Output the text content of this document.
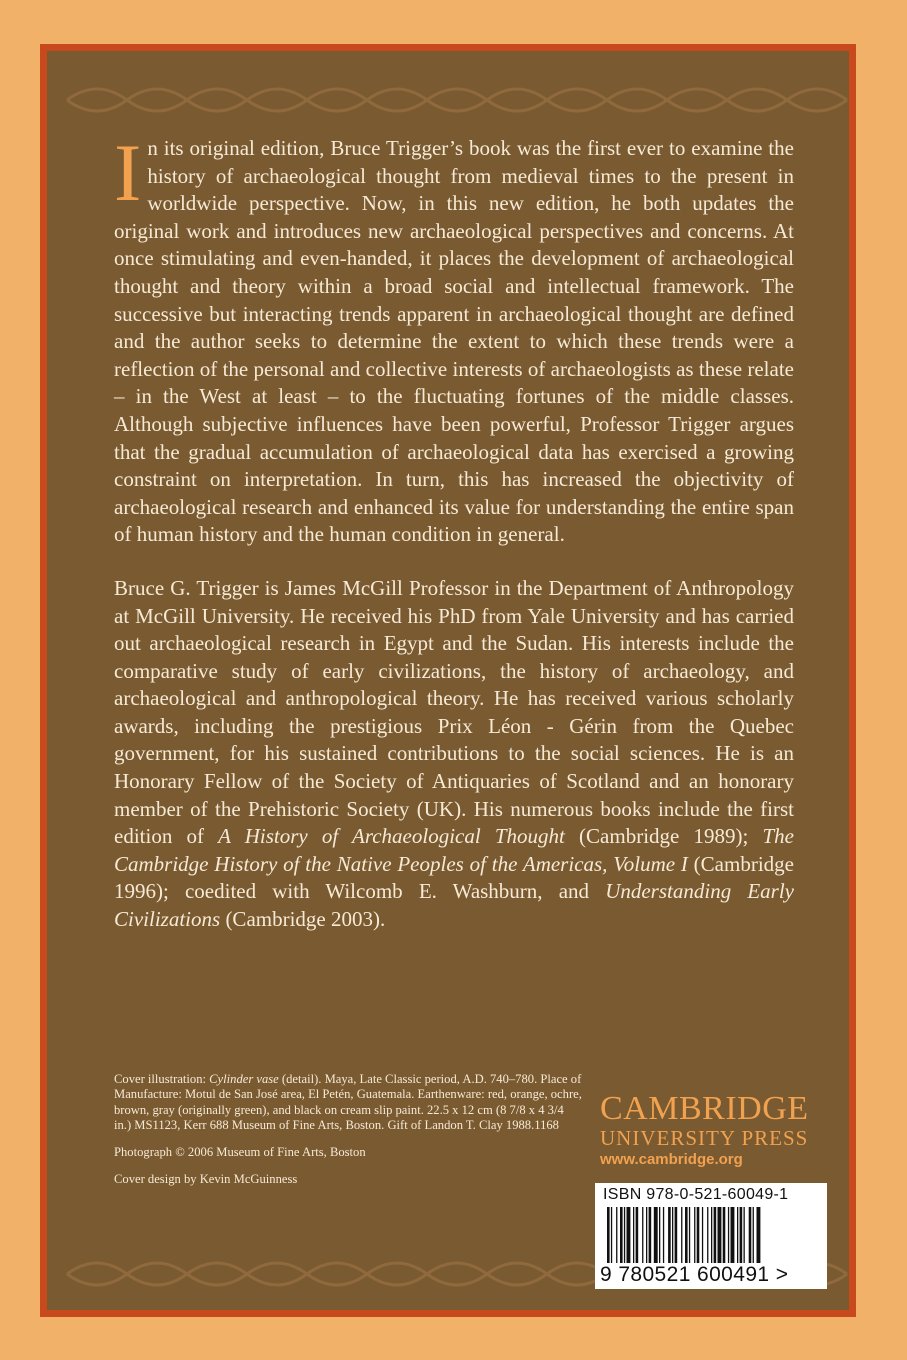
In its original edition, Bruce Trigger’s book was the first ever to examine the history of archaeological thought from medieval times to the present in worldwide perspective. Now, in this new edition, he both updates the original work and introduces new archaeological perspectives and concerns. At once stimulating and even-handed, it places the development of archaeological thought and theory within a broad social and intellectual framework. The successive but interacting trends apparent in archaeological thought are defined and the author seeks to determine the extent to which these trends were a reflection of the personal and collective interests of archaeologists as these relate – in the West at least – to the fluctuating fortunes of the middle classes. Although subjective influences have been powerful, Professor Trigger argues that the gradual accumulation of archaeological data has exercised a growing constraint on interpretation. In turn, this has increased the objectivity of archaeological research and enhanced its value for understanding the entire span of human history and the human condition in general.

Bruce G. Trigger is James McGill Professor in the Department of Anthropology at McGill University. He received his PhD from Yale University and has carried out archaeological research in Egypt and the Sudan. His interests include the comparative study of early civilizations, the history of archaeology, and archaeological and anthropological theory. He has received various scholarly awards, including the prestigious Prix Léon - Gérin from the Quebec government, for his sustained contributions to the social sciences. He is an Honorary Fellow of the Society of Antiquaries of Scotland and an honorary member of the Prehistoric Society (UK). His numerous books include the first edition of A History of Archaeological Thought (Cambridge 1989); The Cambridge History of the Native Peoples of the Americas, Volume I (Cambridge 1996); coedited with Wilcomb E. Washburn, and Understanding Early Civilizations (Cambridge 2003).

Cover illustration: Cylinder vase (detail). Maya, Late Classic period, A.D. 740–780. Place of Manufacture: Motul de San José area, El Petén, Guatemala. Earthenware: red, orange, ochre, brown, gray (originally green), and black on cream slip paint. 22.5 x 12 cm (8 7/8 x 4 3/4 in.) MS1123, Kerr 688 Museum of Fine Arts, Boston. Gift of Landon T. Clay 1988.1168

Photograph © 2006 Museum of Fine Arts, Boston

Cover design by Kevin McGuinness

CAMBRIDGE
UNIVERSITY PRESS
www.cambridge.org
ISBN 978-0-521-60049-1
9 780521 600491 >
